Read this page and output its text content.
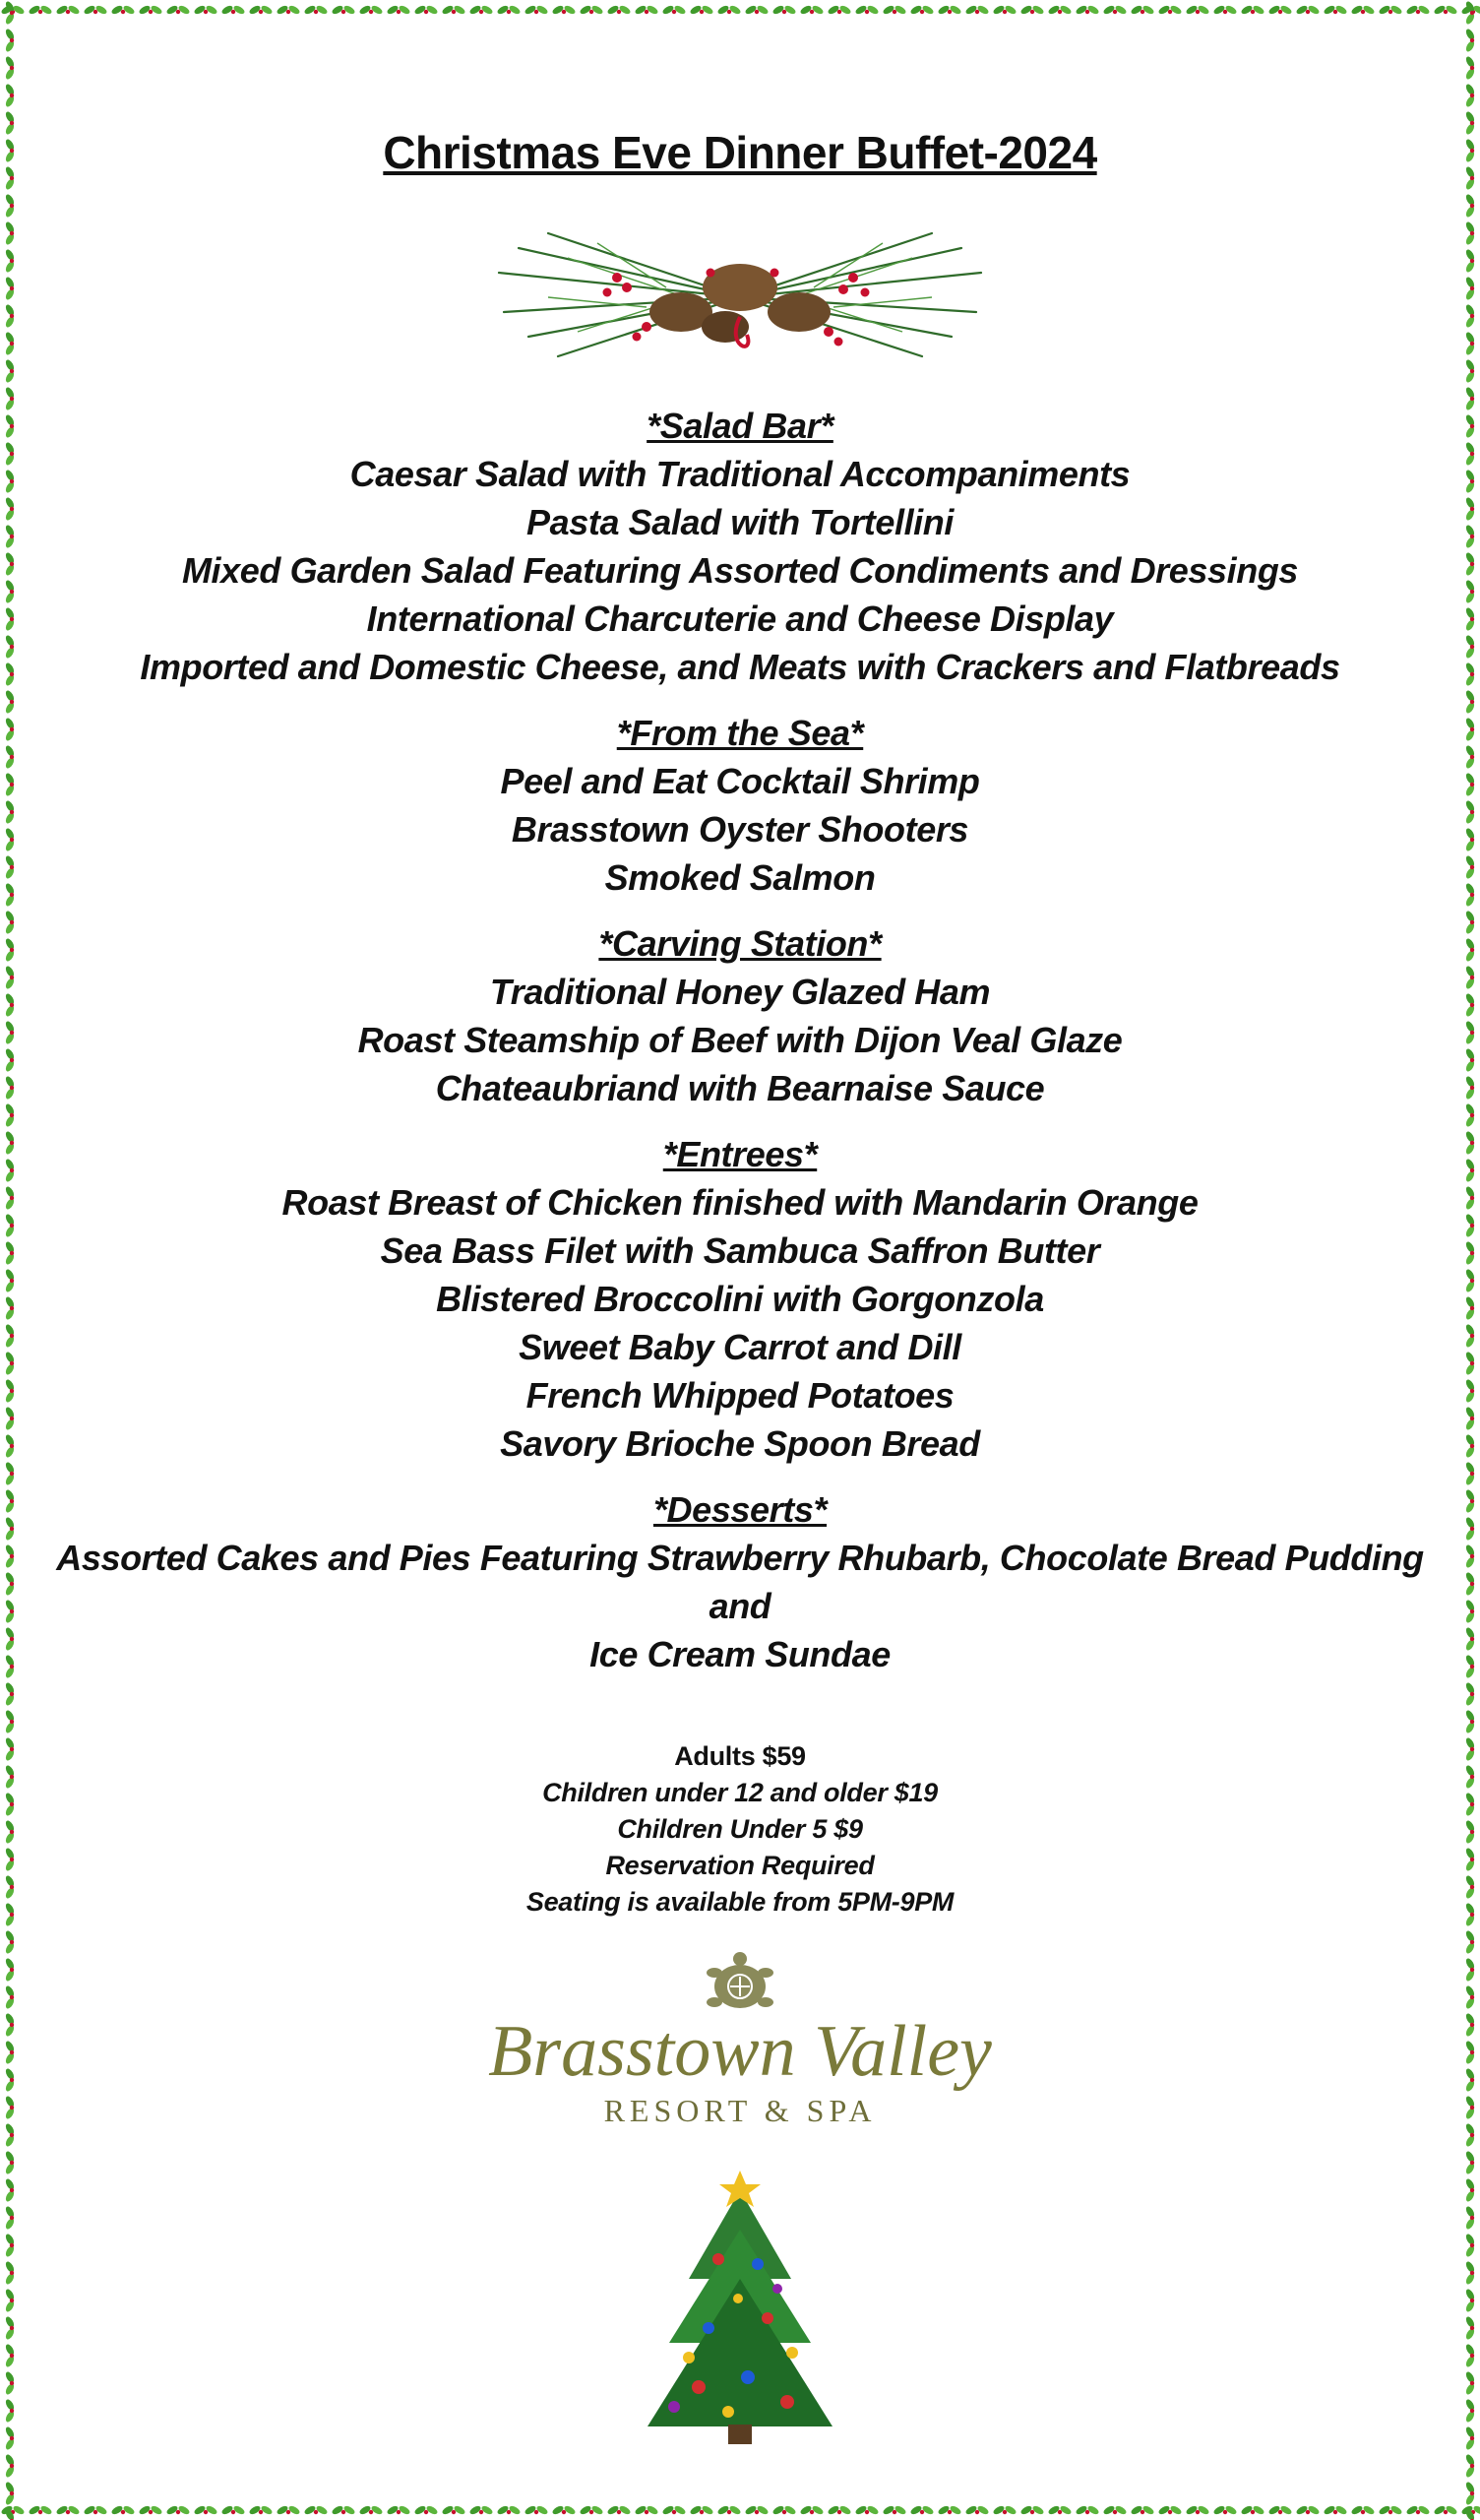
Christmas Eve Dinner Buffet-2024
*Salad Bar*
Caesar Salad with Traditional Accompaniments
Pasta Salad with Tortellini
Mixed Garden Salad Featuring Assorted Condiments and Dressings
International Charcuterie and Cheese Display
Imported and Domestic Cheese, and Meats with Crackers and Flatbreads
*From the Sea*
Peel and Eat Cocktail Shrimp
Brasstown Oyster Shooters
Smoked Salmon
*Carving Station*
Traditional Honey Glazed Ham
Roast Steamship of Beef with Dijon Veal Glaze
Chateaubriand with Bearnaise Sauce
*Entrees*
Roast Breast of Chicken finished with Mandarin Orange
Sea Bass Filet with Sambuca Saffron Butter
Blistered Broccolini with Gorgonzola
Sweet Baby Carrot and Dill
French Whipped Potatoes
Savory Brioche Spoon Bread
*Desserts*
Assorted Cakes and Pies Featuring Strawberry Rhubarb, Chocolate Bread Pudding
and
Ice Cream Sundae
Adults $59
Children under 12 and older $19
Children Under 5 $9
Reservation Required
Seating is available from 5PM-9PM
Brasstown Valley
RESORT & SPA
